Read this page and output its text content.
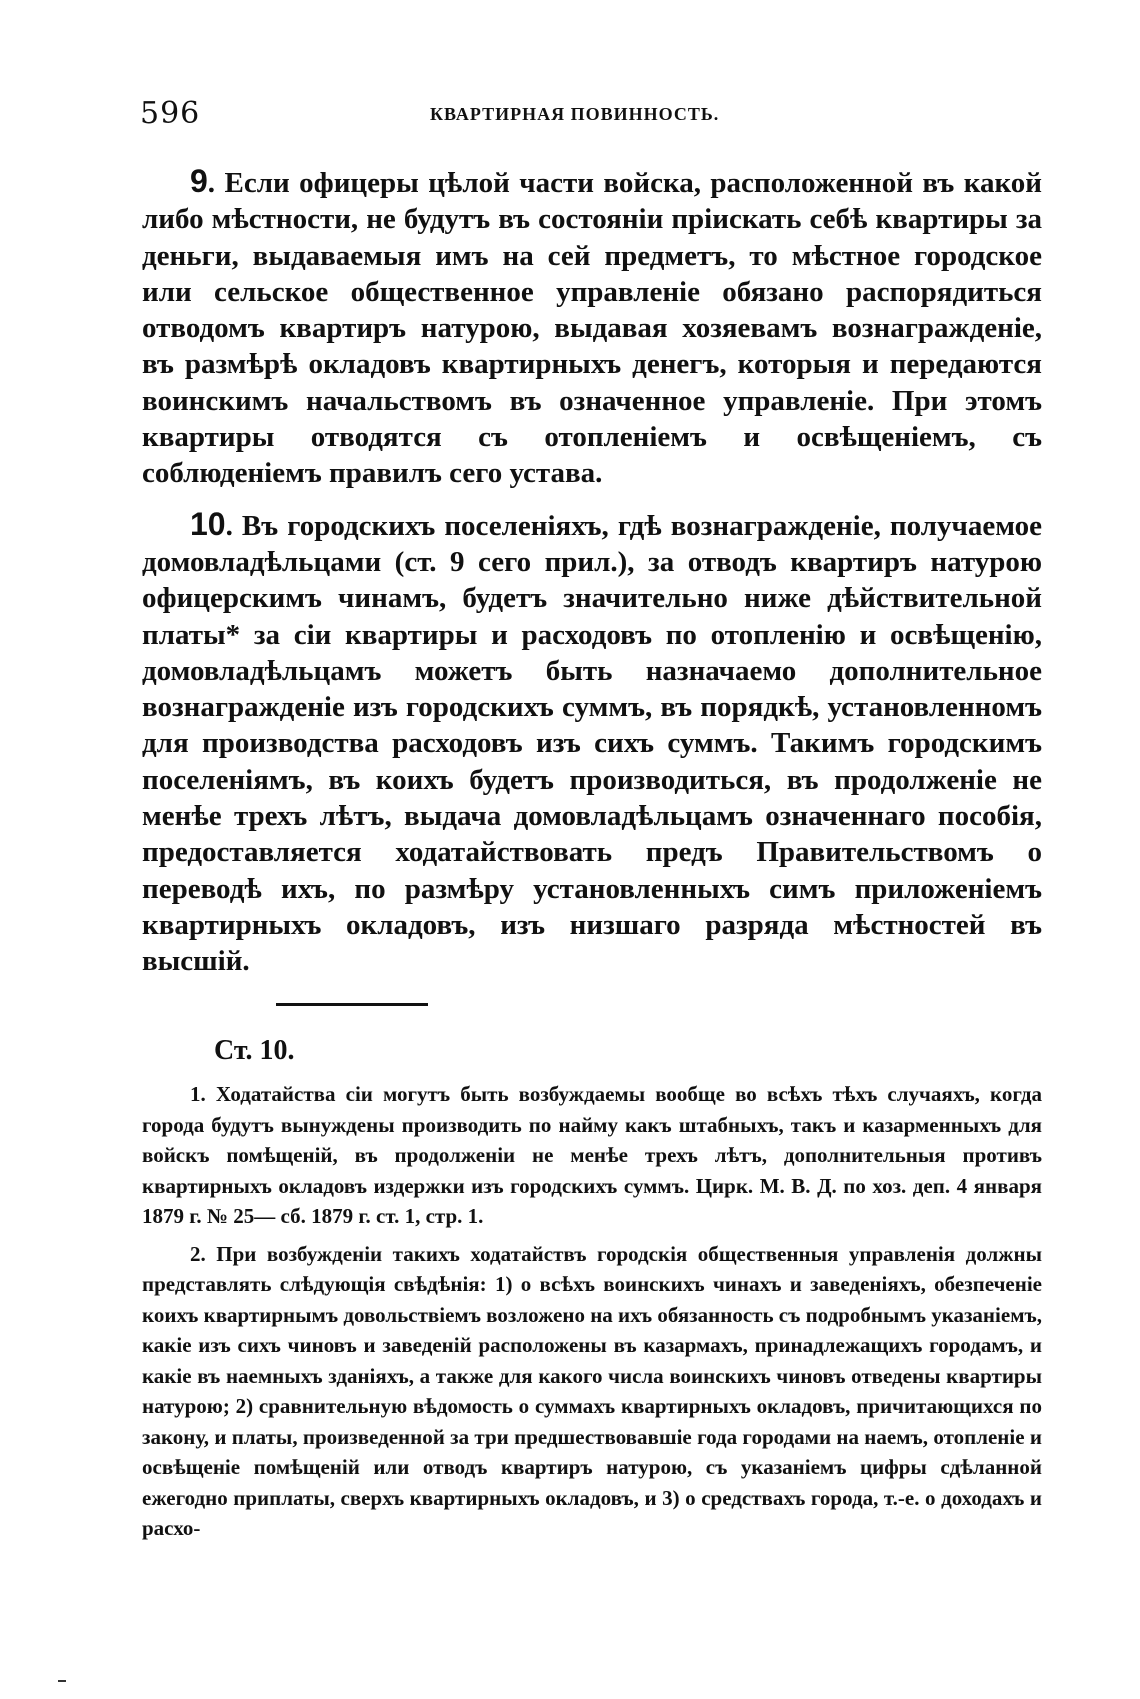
596	КВАРТИРНАЯ ПОВИННОСТЬ.

9. Если офицеры цѣлой части войска, расположенной въ какой либо мѣстности, не будутъ въ состояніи пріискать себѣ квартиры за деньги, выдаваемыя имъ на сей предметъ, то мѣстное городское или сельское общественное управленіе обязано распорядиться отводомъ квартиръ натурою, выдавая хозяевамъ вознагражденіе, въ размѣрѣ окладовъ квартирныхъ денегъ, которыя и передаются воинскимъ начальствомъ въ означенное управленіе. При этомъ квартиры отводятся съ отопленіемъ и освѣщеніемъ, съ соблюденіемъ правилъ сего устава.

10. Въ городскихъ поселеніяхъ, гдѣ вознагражденіе, получаемое домовладѣльцами (ст. 9 сего прил.), за отводъ квартиръ натурою офицерскимъ чинамъ, будетъ значительно ниже дѣйствительной платы* за сіи квартиры и расходовъ по отопленію и освѣщенію, домовладѣльцамъ можетъ быть назначаемо дополнительное вознагражденіе изъ городскихъ суммъ, въ порядкѣ, установленномъ для производства расходовъ изъ сихъ суммъ. Такимъ городскимъ поселеніямъ, въ коихъ будетъ производиться, въ продолженіе не менѣе трехъ лѣтъ, выдача домовладѣльцамъ означеннаго пособія, предоставляется ходатайствовать предъ Правительствомъ о переводѣ ихъ, по размѣру установленныхъ симъ приложеніемъ квартирныхъ окладовъ, изъ низшаго разряда мѣстностей въ высшій.

Ст. 10.

1. Ходатайства сіи могутъ быть возбуждаемы вообще во всѣхъ тѣхъ случаяхъ, когда города будутъ вынуждены производить по найму какъ штабныхъ, такъ и казарменныхъ для войскъ помѣщеній, въ продолженіи не менѣе трехъ лѣтъ, дополнительныя противъ квартирныхъ окладовъ издержки изъ городскихъ суммъ. Цирк. М. В. Д. по хоз. деп. 4 января 1879 г. № 25— сб. 1879 г. ст. 1, стр. 1.

2. При возбужденіи такихъ ходатайствъ городскія общественныя управленія должны представлять слѣдующія свѣдѣнія: 1) о всѣхъ воинскихъ чинахъ и заведеніяхъ, обезпеченіе коихъ квартирнымъ довольствіемъ возложено на ихъ обязанность съ подробнымъ указаніемъ, какіе изъ сихъ чиновъ и заведеній расположены въ казармахъ, принадлежащихъ городамъ, и какіе въ наемныхъ зданіяхъ, а также для какого числа воинскихъ чиновъ отведены квартиры натурою; 2) сравнительную вѣдомость о суммахъ квартирныхъ окладовъ, причитающихся по закону, и платы, произведенной за три предшествовавшіе года городами на наемъ, отопленіе и освѣщеніе помѣщеній или отводъ квартиръ натурою, съ указаніемъ цифры сдѣланной ежегодно приплаты, сверхъ квартирныхъ окладовъ, и 3) о средствахъ города, т.-е. о доходахъ и расхо-
